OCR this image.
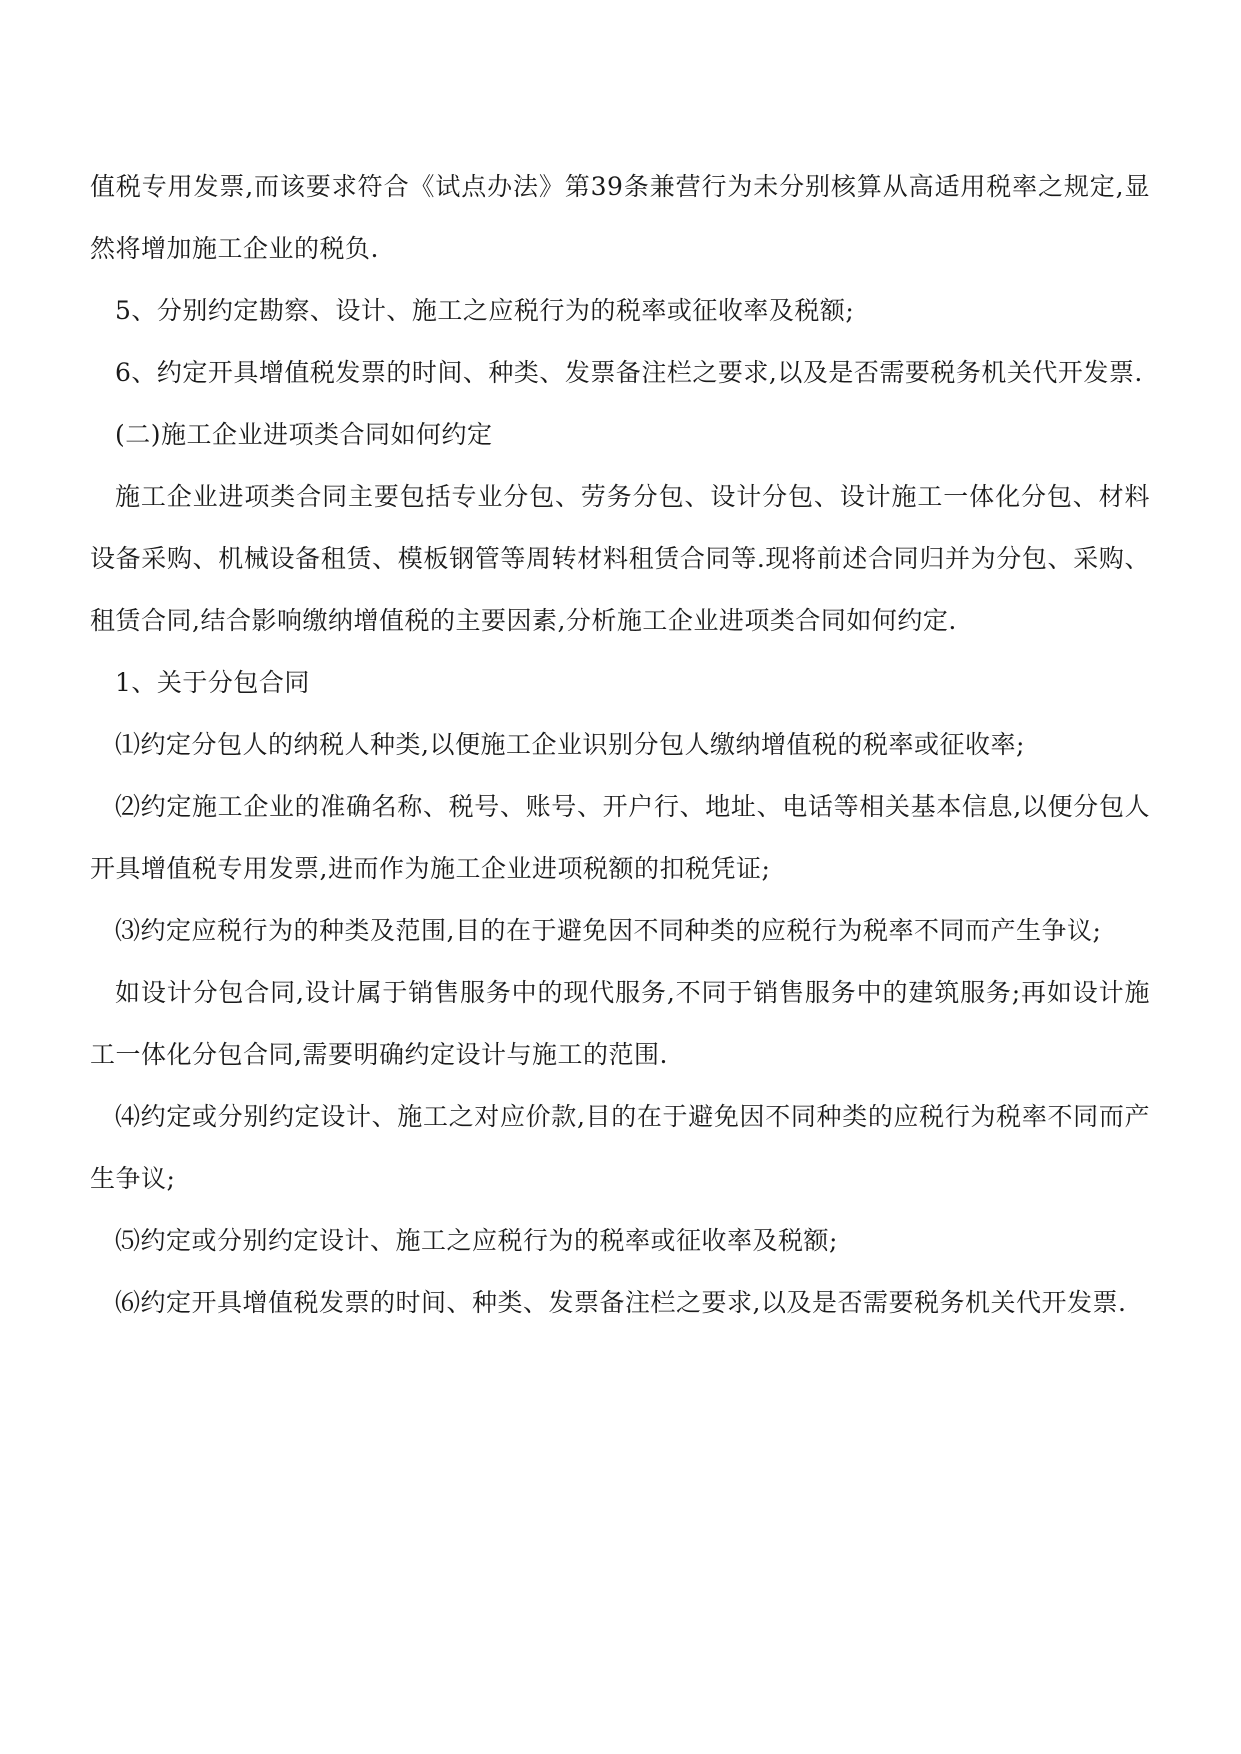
值税专用发票,而该要求符合《试点办法》第39条兼营行为未分别核算从高适用税率之规定,显然将增加施工企业的税负.

5、分别约定勘察、设计、施工之应税行为的税率或征收率及税额;

6、约定开具增值税发票的时间、种类、发票备注栏之要求,以及是否需要税务机关代开发票.

(二)施工企业进项类合同如何约定

施工企业进项类合同主要包括专业分包、劳务分包、设计分包、设计施工一体化分包、材料设备采购、机械设备租赁、模板钢管等周转材料租赁合同等.现将前述合同归并为分包、采购、租赁合同,结合影响缴纳增值税的主要因素,分析施工企业进项类合同如何约定.

1、关于分包合同

⑴约定分包人的纳税人种类,以便施工企业识别分包人缴纳增值税的税率或征收率;

⑵约定施工企业的准确名称、税号、账号、开户行、地址、电话等相关基本信息,以便分包人开具增值税专用发票,进而作为施工企业进项税额的扣税凭证;

⑶约定应税行为的种类及范围,目的在于避免因不同种类的应税行为税率不同而产生争议;

如设计分包合同,设计属于销售服务中的现代服务,不同于销售服务中的建筑服务;再如设计施工一体化分包合同,需要明确约定设计与施工的范围.

⑷约定或分别约定设计、施工之对应价款,目的在于避免因不同种类的应税行为税率不同而产生争议;

⑸约定或分别约定设计、施工之应税行为的税率或征收率及税额;

⑹约定开具增值税发票的时间、种类、发票备注栏之要求,以及是否需要税务机关代开发票.
